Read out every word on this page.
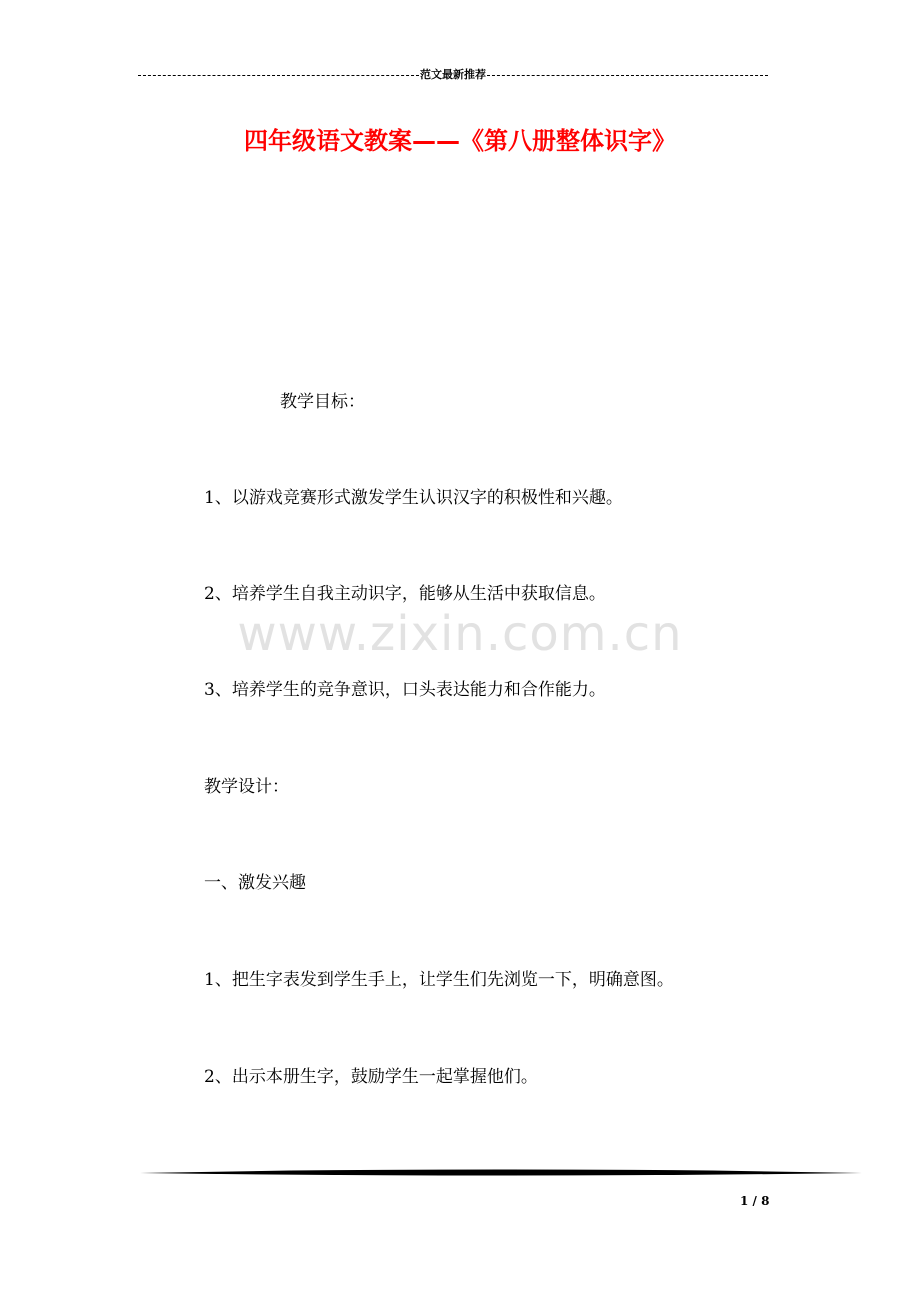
范文最新推荐
四年级语文教案——《第八册整体识字》
www.zixin.com.cn

教学目标：

1、以游戏竞赛形式激发学生认识汉字的积极性和兴趣。

2、培养学生自我主动识字，能够从生活中获取信息。

3、培养学生的竞争意识，口头表达能力和合作能力。

教学设计：

一、激发兴趣

1、把生字表发到学生手上，让学生们先浏览一下，明确意图。

2、出示本册生字，鼓励学生一起掌握他们。

1 / 8
